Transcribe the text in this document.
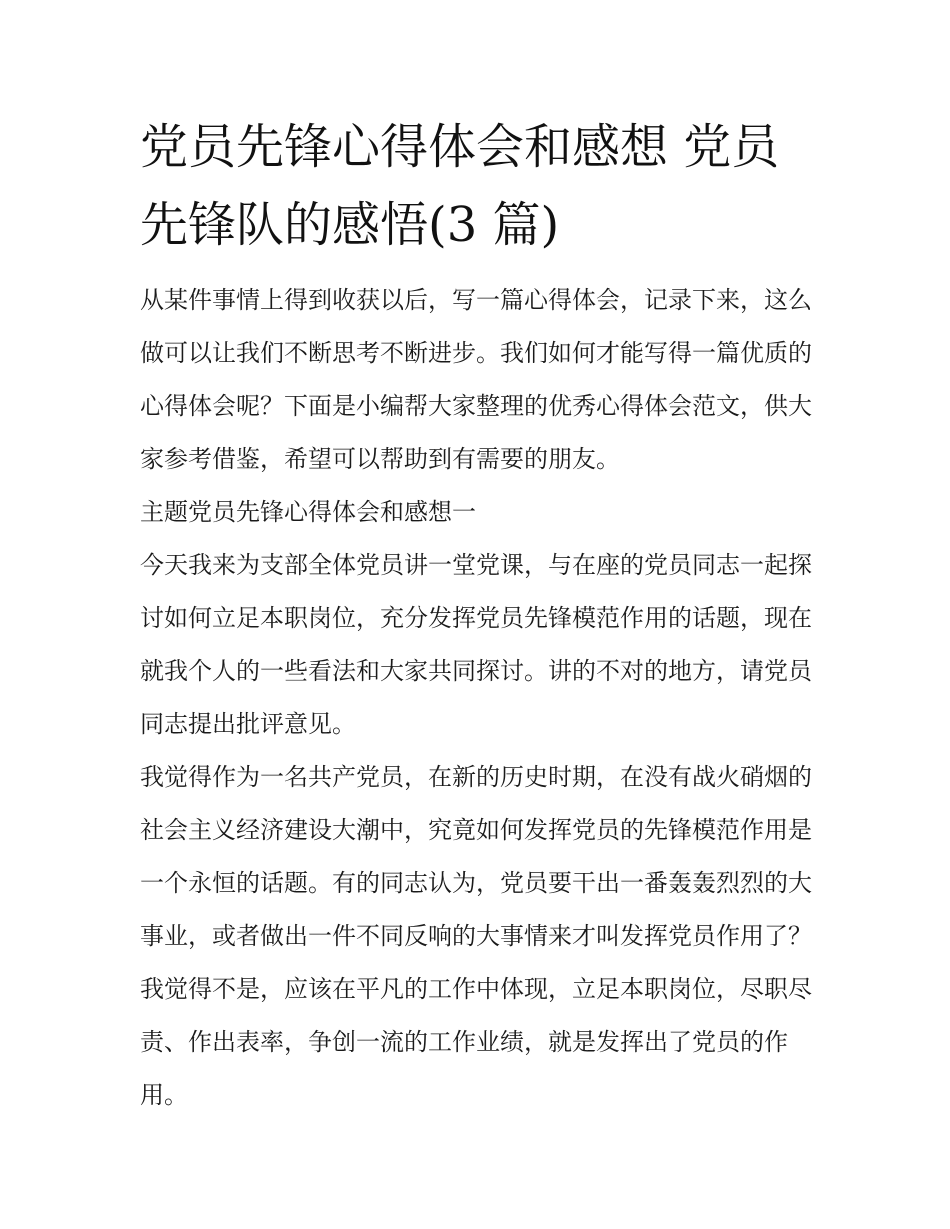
党员先锋心得体会和感想 党员先锋队的感悟(3 篇)

从某件事情上得到收获以后，写一篇心得体会，记录下来，这么做可以让我们不断思考不断进步。我们如何才能写得一篇优质的心得体会呢？下面是小编帮大家整理的优秀心得体会范文，供大家参考借鉴，希望可以帮助到有需要的朋友。

主题党员先锋心得体会和感想一

今天我来为支部全体党员讲一堂党课，与在座的党员同志一起探讨如何立足本职岗位，充分发挥党员先锋模范作用的话题，现在就我个人的一些看法和大家共同探讨。讲的不对的地方，请党员同志提出批评意见。

我觉得作为一名共产党员，在新的历史时期，在没有战火硝烟的社会主义经济建设大潮中，究竟如何发挥党员的先锋模范作用是一个永恒的话题。有的同志认为，党员要干出一番轰轰烈烈的大事业，或者做出一件不同反响的大事情来才叫发挥党员作用了？我觉得不是，应该在平凡的工作中体现，立足本职岗位，尽职尽责、作出表率，争创一流的工作业绩，就是发挥出了党员的作用。
